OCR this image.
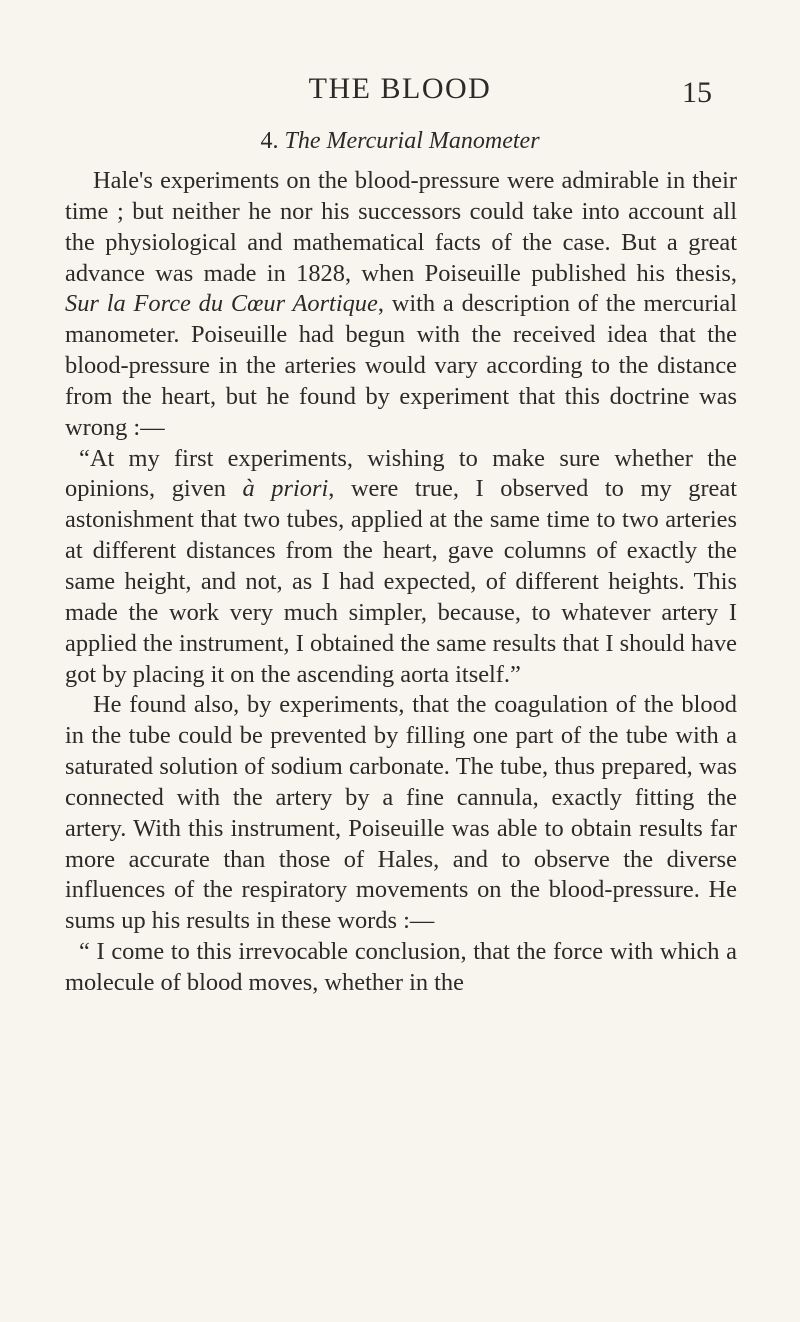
THE BLOOD	15
4. The Mercurial Manometer

Hale's experiments on the blood-pressure were admirable in their time ; but neither he nor his successors could take into account all the physiological and mathematical facts of the case. But a great advance was made in 1828, when Poiseuille published his thesis, Sur la Force du Cœur Aortique, with a description of the mercurial manometer. Poiseuille had begun with the received idea that the blood-pressure in the arteries would vary according to the distance from the heart, but he found by experiment that this doctrine was wrong :—

“At my first experiments, wishing to make sure whether the opinions, given à priori, were true, I observed to my great astonishment that two tubes, applied at the same time to two arteries at different distances from the heart, gave columns of exactly the same height, and not, as I had expected, of different heights. This made the work very much simpler, because, to whatever artery I applied the instrument, I obtained the same results that I should have got by placing it on the ascending aorta itself.”

He found also, by experiments, that the coagulation of the blood in the tube could be prevented by filling one part of the tube with a saturated solution of sodium carbonate. The tube, thus prepared, was connected with the artery by a fine cannula, exactly fitting the artery. With this instrument, Poiseuille was able to obtain results far more accurate than those of Hales, and to observe the diverse influences of the respiratory movements on the blood-pressure. He sums up his results in these words :—

“ I come to this irrevocable conclusion, that the force with which a molecule of blood moves, whether in the
